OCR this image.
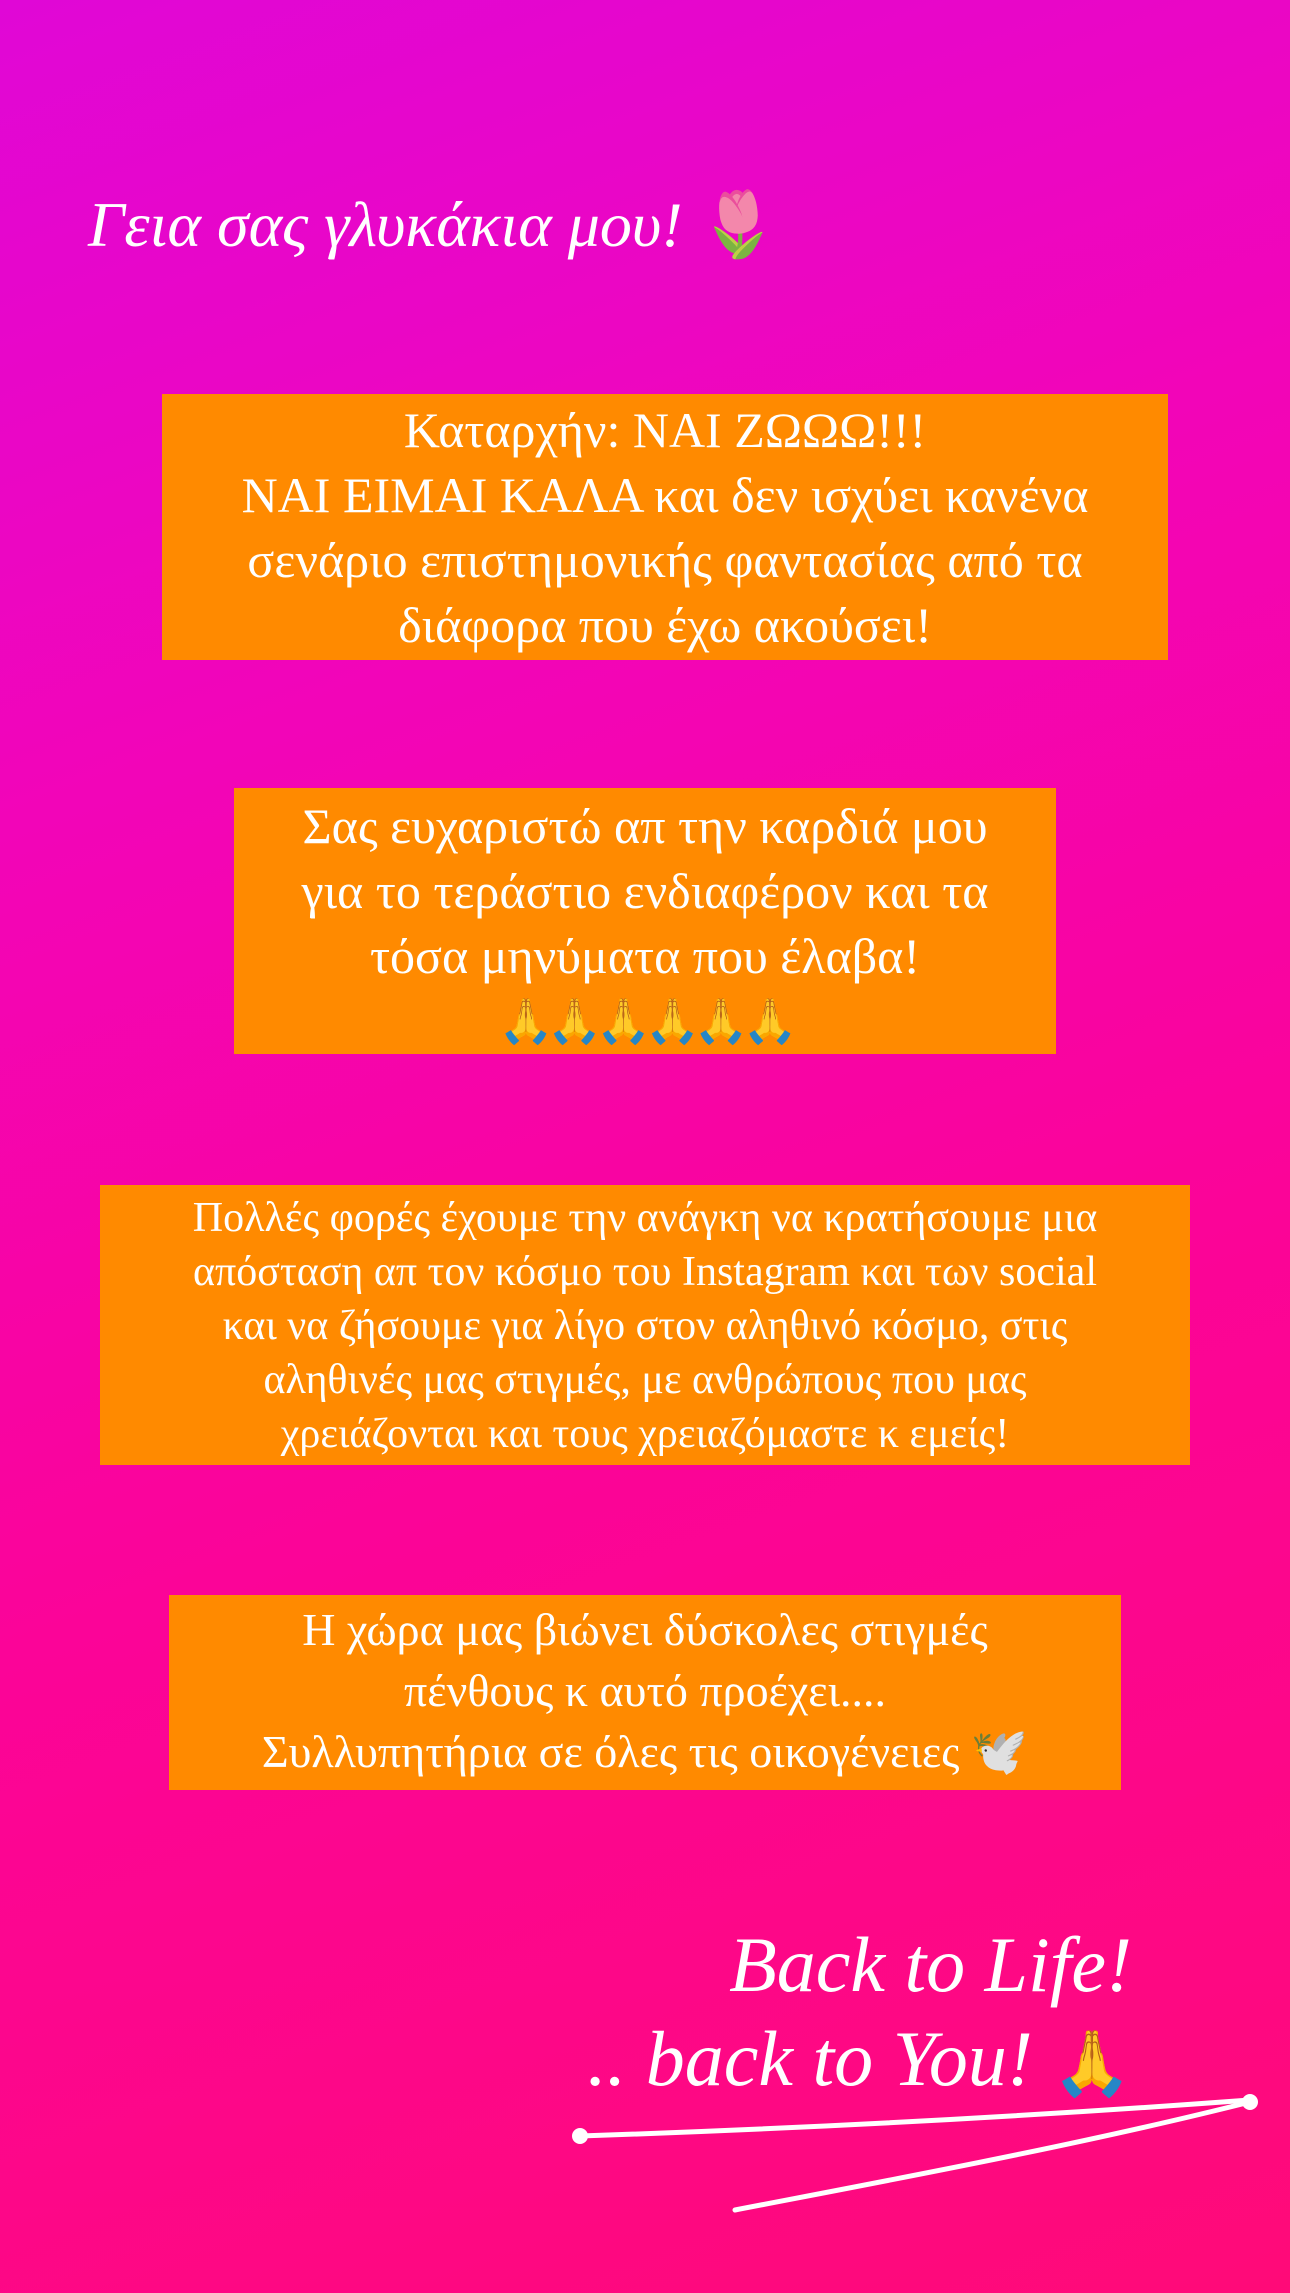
Γεια σας γλυκάκια μου! 🌷
Καταρχήν: ΝΑΙ ΖΩΩΩ!!!
ΝΑΙ ΕΙΜΑΙ ΚΑΛΑ και δεν ισχύει κανένα
σενάριο επιστημονικής φαντασίας από τα
διάφορα που έχω ακούσει!
Σας ευχαριστώ απ την καρδιά μου
για το τεράστιο ενδιαφέρον και τα
τόσα μηνύματα που έλαβα!
🙏🙏🙏🙏🙏🙏
Πολλές φορές έχουμε την ανάγκη να κρατήσουμε μια
απόσταση απ τον κόσμο του Instagram και των social
και να ζήσουμε για λίγο στον αληθινό κόσμο, στις
αληθινές μας στιγμές, με ανθρώπους που μας
χρειάζονται και τους χρειαζόμαστε κ εμείς!
Η χώρα μας βιώνει δύσκολες στιγμές
πένθους κ αυτό προέχει....
Συλλυπητήρια σε όλες τις οικογένειες 🕊️
Back to Life!
.. back to You! 🙏
